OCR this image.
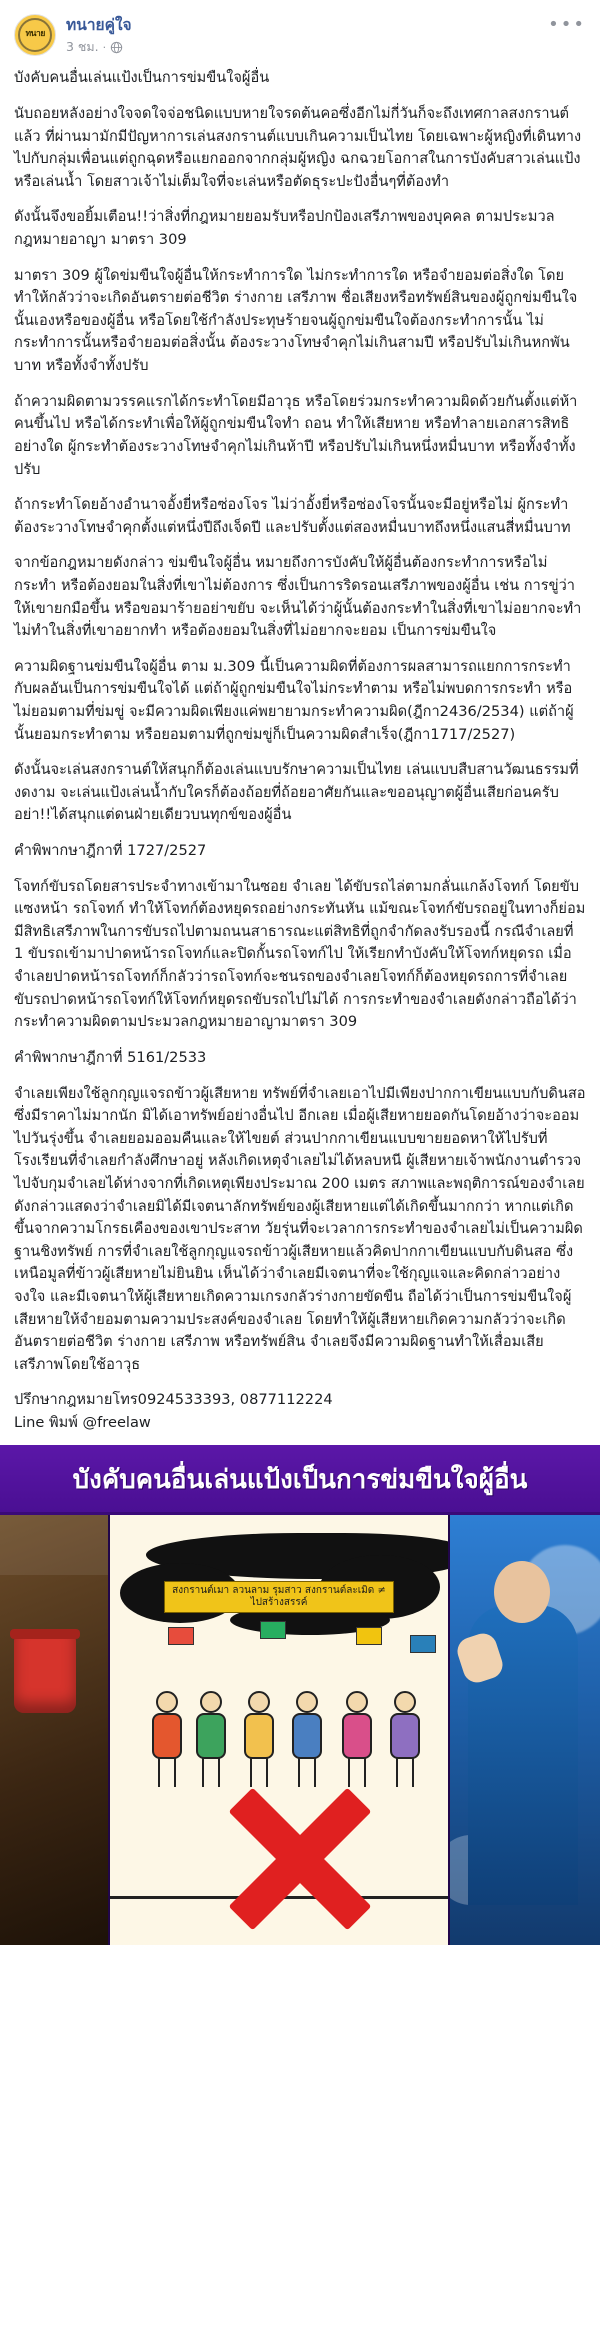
ทนาย
ทนายคู่ใจ
3 ชม. ·
•••

บังคับคนอื่นเล่นแป้งเป็นการข่มขืนใจผู้อื่น

นับถอยหลังอย่างใจจดใจจ่อชนิดแบบหายใจรดต้นคอซึ่งอีกไม่กี่วันก็จะถึงเทศกาลสงกรานต์แล้ว ที่ผ่านมามักมีปัญหาการเล่นสงกรานต์แบบเกินความเป็นไทย โดยเฉพาะผู้หญิงที่เดินทางไปกับกลุ่มเพื่อนแต่ถูกฉุดหรือแยกออกจากกลุ่มผู้หญิง ฉกฉวยโอกาสในการบังคับสาวเล่นแป้งหรือเล่นน้ำ โดยสาวเจ้าไม่เต็มใจที่จะเล่นหรือตัดธุระปะปังอื่นๆที่ต้องทำ

ดังนั้นจึงขอยิ้มเตือน!!ว่าสิ่งที่กฎหมายยอมรับหรือปกป้องเสรีภาพของบุคคล ตามประมวลกฎหมายอาญา มาตรา 309

มาตรา 309 ผู้ใดข่มขืนใจผู้อื่นให้กระทำการใด ไม่กระทำการใด หรือจำยอมต่อสิ่งใด โดยทำให้กลัวว่าจะเกิดอันตรายต่อชีวิต ร่างกาย เสรีภาพ ชื่อเสียงหรือทรัพย์สินของผู้ถูกข่มขืนใจนั้นเองหรือของผู้อื่น หรือโดยใช้กำลังประทุษร้ายจนผู้ถูกข่มขืนใจต้องกระทำการนั้น ไม่กระทำการนั้นหรือจำยอมต่อสิ่งนั้น ต้องระวางโทษจำคุกไม่เกินสามปี หรือปรับไม่เกินหกพันบาท หรือทั้งจำทั้งปรับ

ถ้าความผิดตามวรรคแรกได้กระทำโดยมีอาวุธ หรือโดยร่วมกระทำความผิดด้วยกันตั้งแต่ห้าคนขึ้นไป หรือได้กระทำเพื่อให้ผู้ถูกข่มขืนใจทำ ถอน ทำให้เสียหาย หรือทำลายเอกสารสิทธิอย่างใด ผู้กระทำต้องระวางโทษจำคุกไม่เกินห้าปี หรือปรับไม่เกินหนึ่งหมื่นบาท หรือทั้งจำทั้งปรับ

ถ้ากระทำโดยอ้างอำนาจอั้งยี่หรือซ่องโจร ไม่ว่าอั้งยี่หรือซ่องโจรนั้นจะมีอยู่หรือไม่ ผู้กระทำต้องระวางโทษจำคุกตั้งแต่หนึ่งปีถึงเจ็ดปี และปรับตั้งแต่สองหมื่นบาทถึงหนึ่งแสนสี่หมื่นบาท

จากข้อกฎหมายดังกล่าว ข่มขืนใจผู้อื่น หมายถึงการบังคับให้ผู้อื่นต้องกระทำการหรือไม่กระทำ หรือต้องยอมในสิ่งที่เขาไม่ต้องการ ซึ่งเป็นการริดรอนเสรีภาพของผู้อื่น เช่น การขู่ว่าให้เขายกมือขึ้น หรือขอมาร้ายอย่าขยับ จะเห็นได้ว่าผู้นั้นต้องกระทำในสิ่งที่เขาไม่อยากจะทำ ไม่ทำในสิ่งที่เขาอยากทำ หรือต้องยอมในสิ่งที่ไม่อยากจะยอม เป็นการข่มขืนใจ

ความผิดฐานข่มขืนใจผู้อื่น ตาม ม.309 นี้เป็นความผิดที่ต้องการผลสามารถแยกการกระทำกับผลอันเป็นการข่มขืนใจได้ แต่ถ้าผู้ถูกข่มขืนใจไม่กระทำตาม หรือไม่พบดการกระทำ หรือไม่ยอมตามที่ข่มขู่ จะมีความผิดเพียงแค่พยายามกระทำความผิด(ฎีกา2436/2534) แต่ถ้าผู้นั้นยอมกระทำตาม หรือยอมตามที่ถูกข่มขู่ก็เป็นความผิดสำเร็จ(ฎีกา1717/2527)

ดังนั้นจะเล่นสงกรานต์ให้สนุกก็ต้องเล่นแบบรักษาความเป็นไทย เล่นแบบสืบสานวัฒนธรรมที่งดงาม จะเล่นแป้งเล่นน้ำกับใครก็ต้องถ้อยที่ถ้อยอาศัยกันและขออนุญาตผู้อื่นเสียก่อนครับ อย่า!!ได้สนุกแต่ดนฝ่ายเดียวบนทุกข์ของผู้อื่น

คำพิพากษาฎีกาที่ 1727/2527

โจทก์ขับรถโดยสารประจำทางเข้ามาในซอย จำเลย ได้ขับรถไล่ตามกลั่นแกล้งโจทก์ โดยขับแซงหน้า รถโจทก์ ทำให้โจทก์ต้องหยุดรถอย่างกระทันหัน แม้ขณะโจทก์ขับรถอยู่ในทางก็ย่อมมีสิทธิเสรีภาพในการขับรถไปตามถนนสาธารณะแต่สิทธิที่ถูกจำกัดลงรับรองนี้ กรณีจำเลยที่ 1 ขับรถเข้ามาปาดหน้ารถโจทก์และปิดกั้นรถโจทก์ไป ให้เรียกทำบังคับให้โจทก์หยุดรถ เมื่อจำเลยปาดหน้ารถโจทก์ก็กลัวว่ารถโจทก์จะชนรถของจำเลยโจทก์ก็ต้องหยุดรถการที่จำเลยขับรถปาดหน้ารถโจทก์ให้โจทก์หยุดรถขับรถไปไม่ได้ การกระทำของจำเลยดังกล่าวถือได้ว่ากระทำความผิดตามประมวลกฎหมายอาญามาตรา 309

คำพิพากษาฎีกาที่ 5161/2533

จำเลยเพียงใช้ลูกกุญแจรถข้าวผู้เสียหาย ทรัพย์ที่จำเลยเอาไปมีเพียงปากกาเขียนแบบกับดินสอ ซึ่งมีราคาไม่มากนัก มิได้เอาทรัพย์อย่างอื่นไป อีกเลย เมื่อผู้เสียหายยอดกันโดยอ้างว่าจะออมไปวันรุ่งขึ้น จำเลยยอมออมคืนและให้ไขยต์ ส่วนปากกาเขียนแบบขายยอดหาให้ไปรับที่โรงเรียนที่จำเลยกำลังศึกษาอยู่ หลังเกิดเหตุจำเลยไม่ได้หลบหนี ผู้เสียหายเจ้าพนักงานตำรวจไปจับกุมจำเลยได้ห่างจากที่เกิดเหตุเพียงประมาณ 200 เมตร สภาพและพฤติการณ์ของจำเลยดังกล่าวแสดงว่าจำเลยมิได้มีเจตนาลักทรัพย์ของผู้เสียหายแต่ได้เกิดขึ้นมากกว่า หากแต่เกิดขึ้นจากความโกรธเคืองของเขาประสาท วัยรุ่นที่จะเวลาการกระทำของจำเลยไม่เป็นความผิดฐานชิงทรัพย์ การที่จำเลยใช้ลูกกุญแจรถข้าวผู้เสียหายแล้วคิดปากกาเขียนแบบกับดินสอ ซึ่งเหนือมูลที่ข้าวผู้เสียหายไม่ยินยิน เห็นได้ว่าจำเลยมีเจตนาที่จะใช้กุญแจและคิดกล่าวอย่างจงใจ และมีเจตนาให้ผู้เสียหายเกิดความเกรงกลัวร่างกายขัดขืน ถือได้ว่าเป็นการข่มขืนใจผู้เสียหายให้จำยอมตามความประสงค์ของจำเลย โดยทำให้ผู้เสียหายเกิดความกลัวว่าจะเกิดอันตรายต่อชีวิต ร่างกาย เสรีภาพ หรือทรัพย์สิน จำเลยจึงมีความผิดฐานทำให้เสื่อมเสียเสรีภาพโดยใช้อาวุธ

ปรึกษากฎหมายโทร0924533393, 0877112224

Line พิมพ์ @freelaw

บังคับคนอื่นเล่นแป้งเป็นการข่มขืนใจผู้อื่น
สงกรานต์เมา ลวนลาม รุมสาว สงกรานต์ละเมิด ≠ ไปสร้างสรรค์
